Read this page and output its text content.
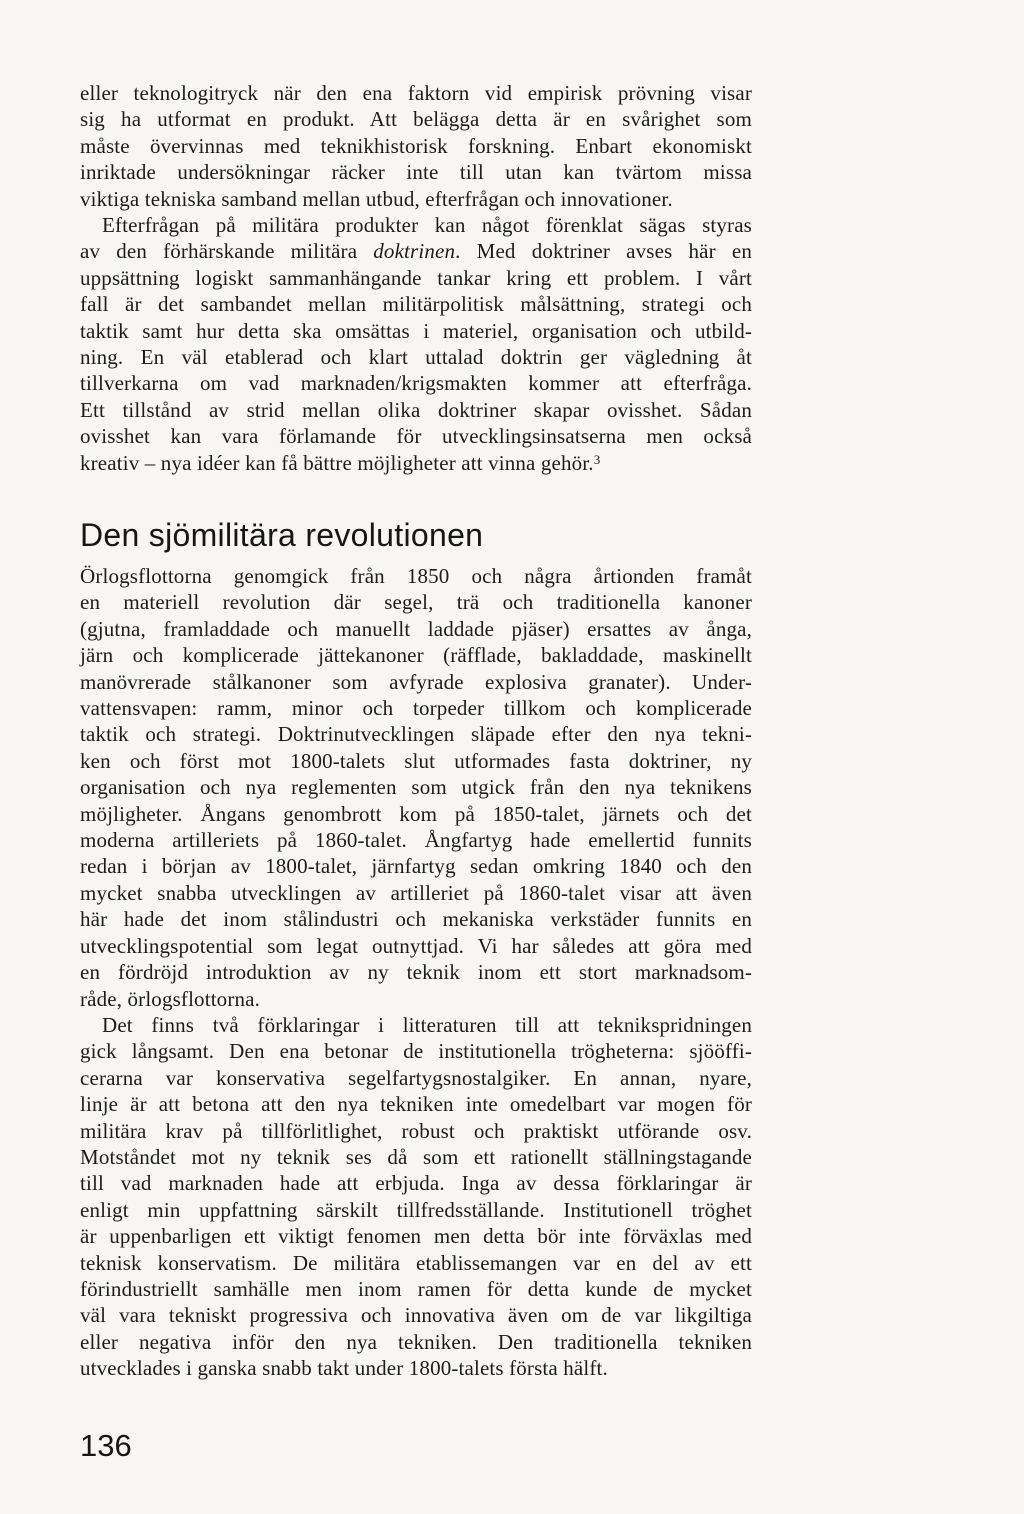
eller teknologitryck när den ena faktorn vid empirisk prövning visar
sig ha utformat en produkt. Att belägga detta är en svårighet som
måste övervinnas med teknikhistorisk forskning. Enbart ekonomiskt
inriktade undersökningar räcker inte till utan kan tvärtom missa
viktiga tekniska samband mellan utbud, efterfrågan och innovationer.
Efterfrågan på militära produkter kan något förenklat sägas styras
av den förhärskande militära doktrinen. Med doktriner avses här en
uppsättning logiskt sammanhängande tankar kring ett problem. I vårt
fall är det sambandet mellan militärpolitisk målsättning, strategi och
taktik samt hur detta ska omsättas i materiel, organisation och utbild-
ning. En väl etablerad och klart uttalad doktrin ger vägledning åt
tillverkarna om vad marknaden/krigsmakten kommer att efterfråga.
Ett tillstånd av strid mellan olika doktriner skapar ovisshet. Sådan
ovisshet kan vara förlamande för utvecklingsinsatserna men också
kreativ – nya idéer kan få bättre möjligheter att vinna gehör.$^3$
Den sjömilitära revolutionen
Örlogsflottorna genomgick från 1850 och några årtionden framåt
en materiell revolution där segel, trä och traditionella kanoner
(gjutna, framladdade och manuellt laddade pjäser) ersattes av ånga,
järn och komplicerade jättekanoner (räfflade, bakladdade, maskinellt
manövrerade stålkanoner som avfyrade explosiva granater). Under-
vattensvapen: ramm, minor och torpeder tillkom och komplicerade
taktik och strategi. Doktrinutvecklingen släpade efter den nya tekni-
ken och först mot 1800-talets slut utformades fasta doktriner, ny
organisation och nya reglementen som utgick från den nya teknikens
möjligheter. Ångans genombrott kom på 1850-talet, järnets och det
moderna artilleriets på 1860-talet. Ångfartyg hade emellertid funnits
redan i början av 1800-talet, järnfartyg sedan omkring 1840 och den
mycket snabba utvecklingen av artilleriet på 1860-talet visar att även
här hade det inom stålindustri och mekaniska verkstäder funnits en
utvecklingspotential som legat outnyttjad. Vi har således att göra med
en fördröjd introduktion av ny teknik inom ett stort marknadsom-
råde, örlogsflottorna.
Det finns två förklaringar i litteraturen till att teknikspridningen
gick långsamt. Den ena betonar de institutionella trögheterna: sjööffi-
cerarna var konservativa segelfartygsnostalgiker. En annan, nyare,
linje är att betona att den nya tekniken inte omedelbart var mogen för
militära krav på tillförlitlighet, robust och praktiskt utförande osv.
Motståndet mot ny teknik ses då som ett rationellt ställningstagande
till vad marknaden hade att erbjuda. Inga av dessa förklaringar är
enligt min uppfattning särskilt tillfredsställande. Institutionell tröghet
är uppenbarligen ett viktigt fenomen men detta bör inte förväxlas med
teknisk konservatism. De militära etablissemangen var en del av ett
förindustriellt samhälle men inom ramen för detta kunde de mycket
väl vara tekniskt progressiva och innovativa även om de var likgiltiga
eller negativa inför den nya tekniken. Den traditionella tekniken
utvecklades i ganska snabb takt under 1800-talets första hälft.
136
